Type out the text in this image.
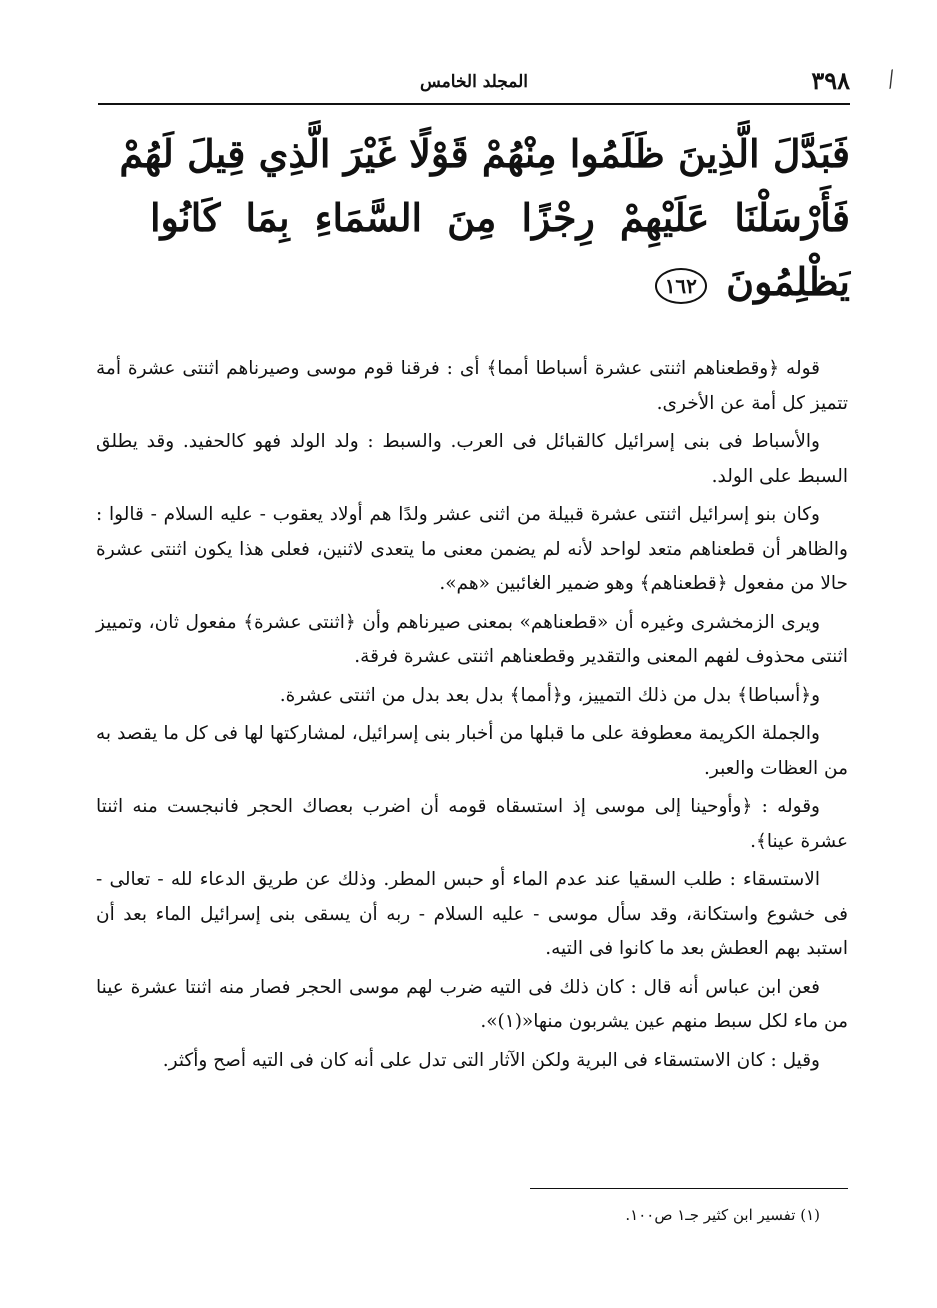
⁄
٣٩٨
المجلد الخامس
فَبَدَّلَ الَّذِينَ ظَلَمُوا مِنْهُمْ قَوْلًا غَيْرَ الَّذِي قِيلَ لَهُمْ
فَأَرْسَلْنَا عَلَيْهِمْ رِجْزًا مِنَ السَّمَاءِ بِمَا كَانُوا
يَظْلِمُونَ ١٦٢

قوله ﴿وقطعناهم اثنتى عشرة أسباطا أمما﴾ أى : فرقنا قوم موسى وصيرناهم اثنتى عشرة أمة تتميز كل أمة عن الأخرى.

والأسباط فى بنى إسرائيل كالقبائل فى العرب. والسبط : ولد الولد فهو كالحفيد. وقد يطلق السبط على الولد.

وكان بنو إسرائيل اثنتى عشرة قبيلة من اثنى عشر ولدًا هم أولاد يعقوب - عليه السلام - قالوا : والظاهر أن قطعناهم متعد لواحد لأنه لم يضمن معنى ما يتعدى لاثنين، فعلى هذا يكون اثنتى عشرة حالا من مفعول ﴿قطعناهم﴾ وهو ضمير الغائبين «هم».

ويرى الزمخشرى وغيره أن «قطعناهم» بمعنى صيرناهم وأن ﴿اثنتى عشرة﴾ مفعول ثان، وتمييز اثنتى محذوف لفهم المعنى والتقدير وقطعناهم اثنتى عشرة فرقة.

و﴿أسباطا﴾ بدل من ذلك التمييز، و﴿أمما﴾ بدل بعد بدل من اثنتى عشرة.

والجملة الكريمة معطوفة على ما قبلها من أخبار بنى إسرائيل، لمشاركتها لها فى كل ما يقصد به من العظات والعبر.

وقوله : ﴿وأوحينا إلى موسى إذ استسقاه قومه أن اضرب بعصاك الحجر فانبجست منه اثنتا عشرة عينا﴾.

الاستسقاء : طلب السقيا عند عدم الماء أو حبس المطر. وذلك عن طريق الدعاء لله - تعالى - فى خشوع واستكانة، وقد سأل موسى - عليه السلام - ربه أن يسقى بنى إسرائيل الماء بعد أن استبد بهم العطش بعد ما كانوا فى التيه.

فعن ابن عباس أنه قال : كان ذلك فى التيه ضرب لهم موسى الحجر فصار منه اثنتا عشرة عينا من ماء لكل سبط منهم عين يشربون منها«(١)».

وقيل : كان الاستسقاء فى البرية ولكن الآثار التى تدل على أنه كان فى التيه أصح وأكثر.

(١) تفسير ابن كثير جـ١ ص١٠٠.
